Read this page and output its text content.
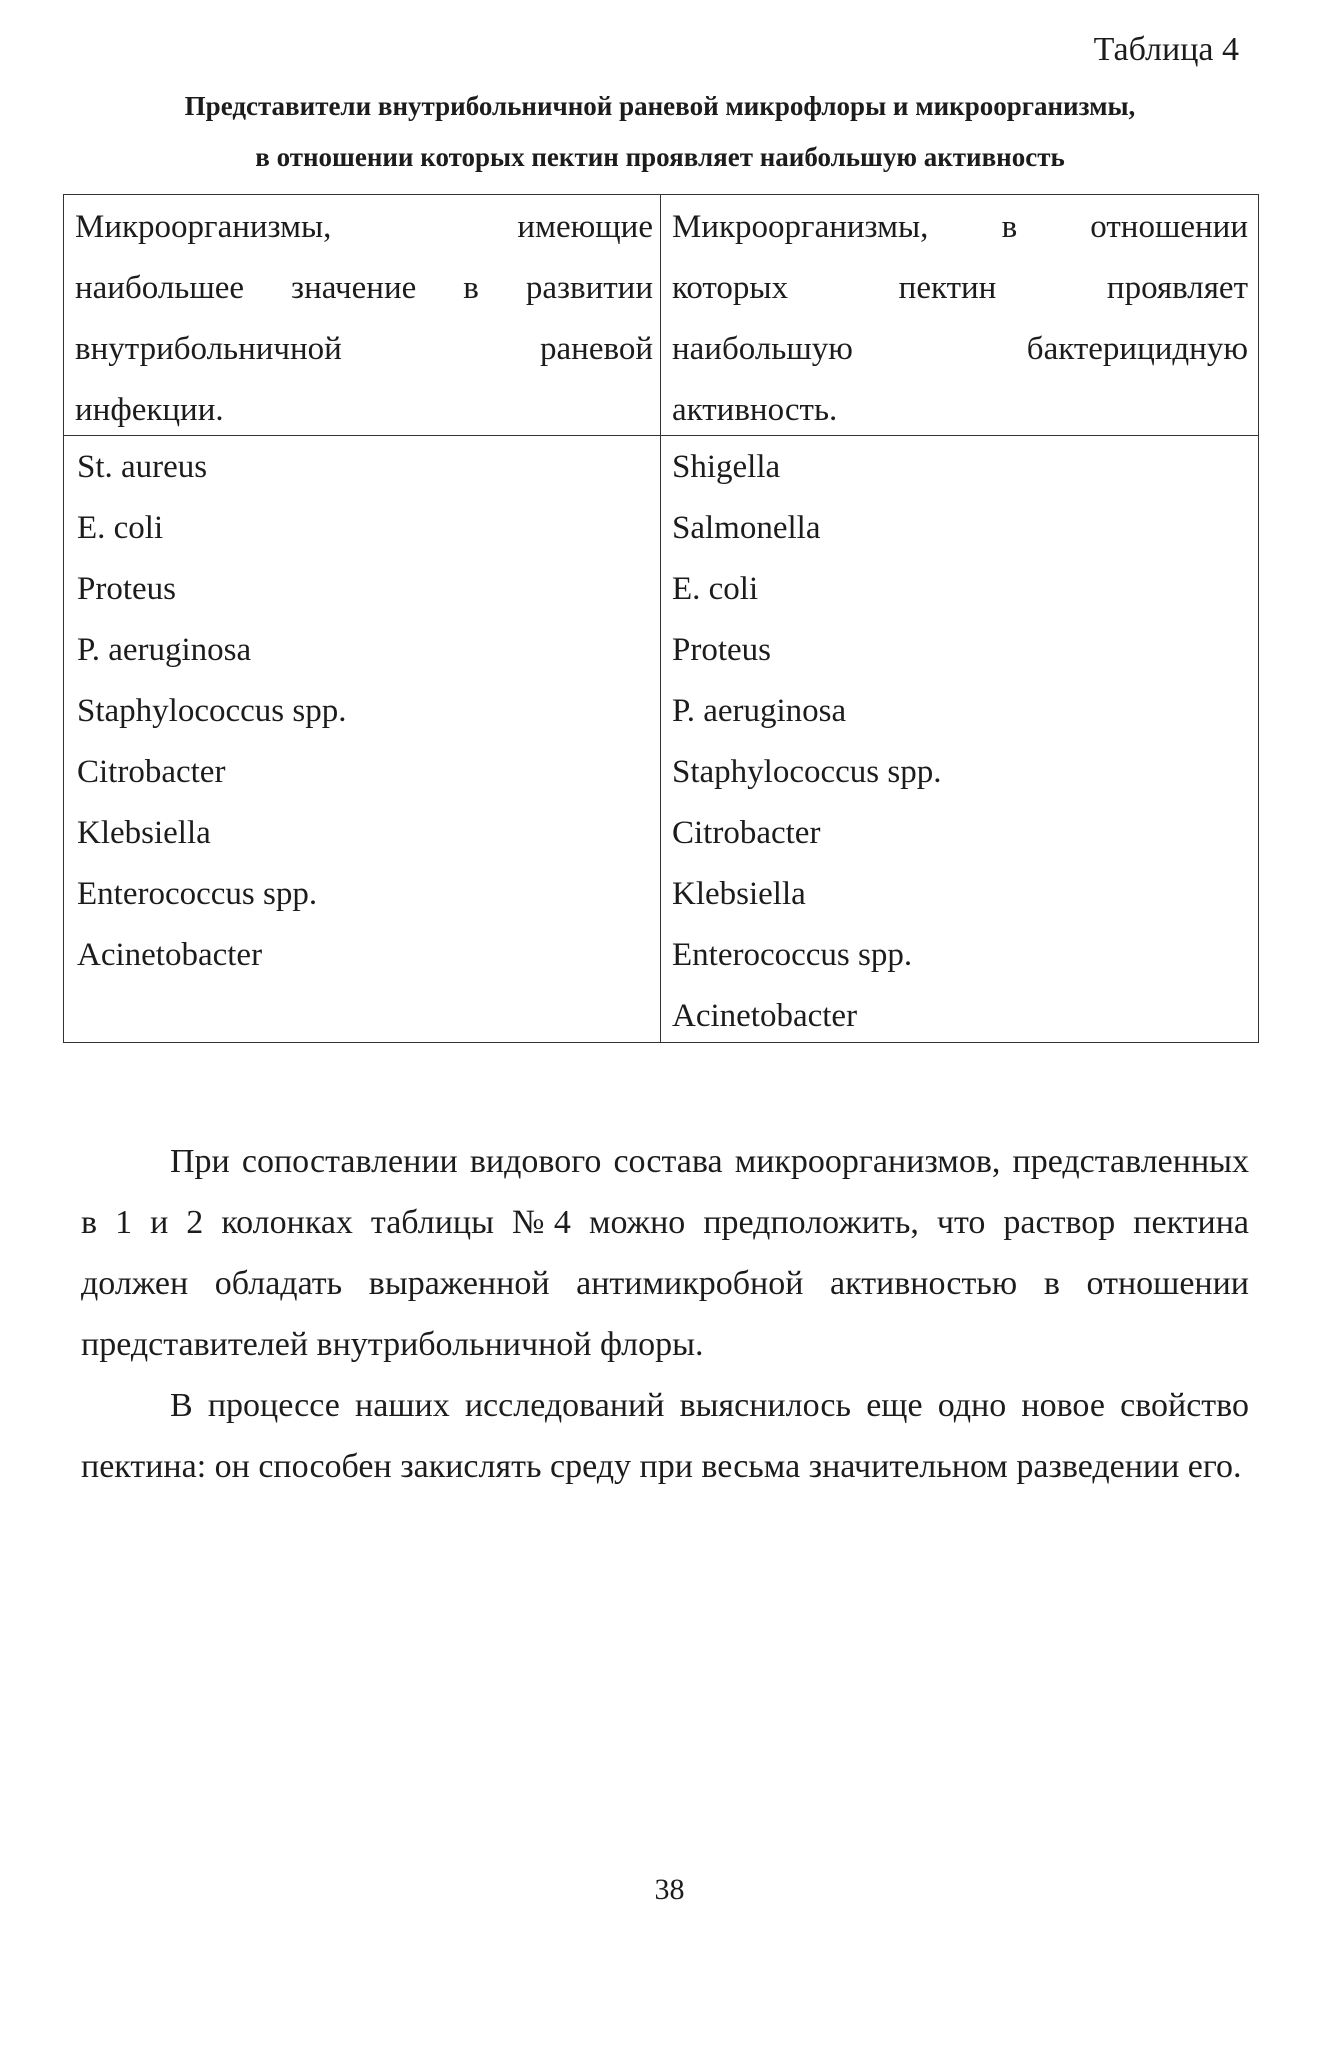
Таблица 4
Представители внутрибольничной раневой микрофлоры и микроорганизмы,
в отношении которых пектин проявляет наибольшую активность
Микроорганизмы, имеющие
наибольшее значение в развитии
внутрибольничной раневой
инфекции.
Микроорганизмы, в отношении
которых пектин проявляет
наибольшую бактерицидную
активность.
St. aureus
E. coli
Proteus
P. aeruginosa
Staphylococcus spp.
Citrobacter
Klebsiella
Enterococcus spp.
Acinetobacter
Shigella
Salmonella
E. coli
Proteus
P. aeruginosa
Staphylococcus spp.
Citrobacter
Klebsiella
Enterococcus spp.
Acinetobacter

При сопоставлении видового состава микроорганизмов, представленных в 1 и 2 колонках таблицы №4 можно предположить, что раствор пектина должен обладать выраженной антимикробной активностью в отношении представителей внутрибольничной флоры.

В процессе наших исследований выяснилось еще одно новое свойство пектина: он способен закислять среду при весьма значительном разведении его.

38
